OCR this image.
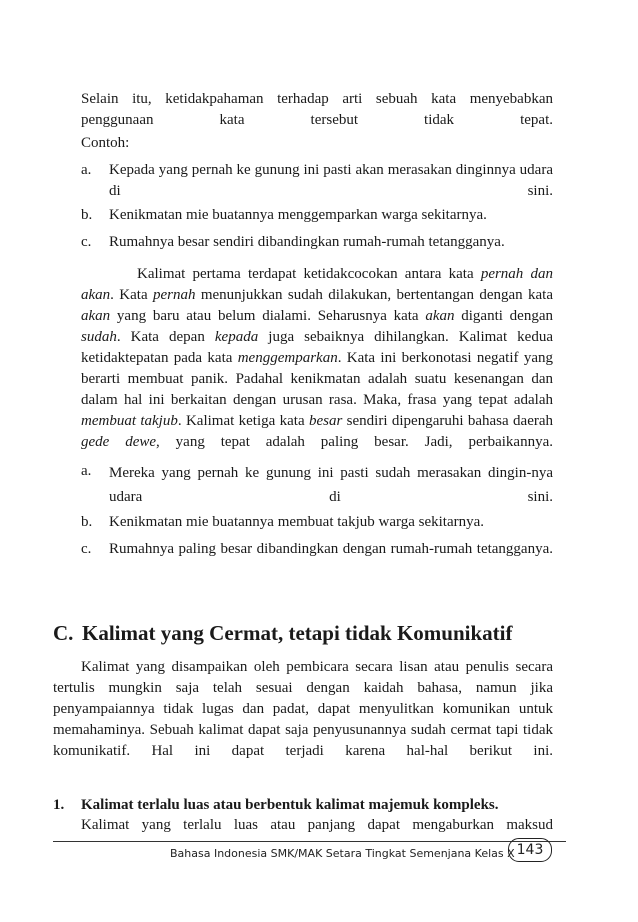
Selain itu, ketidakpahaman terhadap arti sebuah kata menyebabkan penggunaan kata tersebut tidak tepat.
Contoh:
a. Kepada yang pernah ke gunung ini pasti akan merasakan dinginnya udara di sini.
b. Kenikmatan mie buatannya menggemparkan warga sekitarnya.
c. Rumahnya besar sendiri dibandingkan rumah-rumah tetangganya.
Kalimat pertama terdapat ketidakcocokan antara kata pernah dan akan. Kata pernah menunjukkan sudah dilakukan, bertentangan dengan kata akan yang baru atau belum dialami. Seharusnya kata akan diganti dengan sudah. Kata depan kepada juga sebaiknya dihilangkan. Kalimat kedua ketidaktepatan pada kata menggemparkan. Kata ini berkonotasi negatif yang berarti membuat panik. Padahal kenikmatan adalah suatu kesenangan dan dalam hal ini berkaitan dengan urusan rasa. Maka, frasa yang tepat adalah membuat takjub. Kalimat ketiga kata besar sendiri dipengaruhi bahasa daerah gede dewe, yang tepat adalah paling besar. Jadi, perbaikannya.
a. Mereka yang pernah ke gunung ini pasti sudah merasakan dingin-nya udara di sini.
b. Kenikmatan mie buatannya membuat takjub warga sekitarnya.
c. Rumahnya paling besar dibandingkan dengan rumah-rumah tetangganya.
C. Kalimat yang Cermat, tetapi tidak Komunikatif
Kalimat yang disampaikan oleh pembicara secara lisan atau penulis secara tertulis mungkin saja telah sesuai dengan kaidah bahasa, namun jika penyampaiannya tidak lugas dan padat, dapat menyulitkan komunikan untuk memahaminya. Sebuah kalimat dapat saja penyusunannya sudah cermat tapi tidak komunikatif. Hal ini dapat terjadi karena hal-hal berikut ini.
1. Kalimat terlalu luas atau berbentuk kalimat majemuk kompleks.
Kalimat yang terlalu luas atau panjang dapat mengaburkan maksud
Bahasa Indonesia SMK/MAK Setara Tingkat Semenjana Kelas X 143
